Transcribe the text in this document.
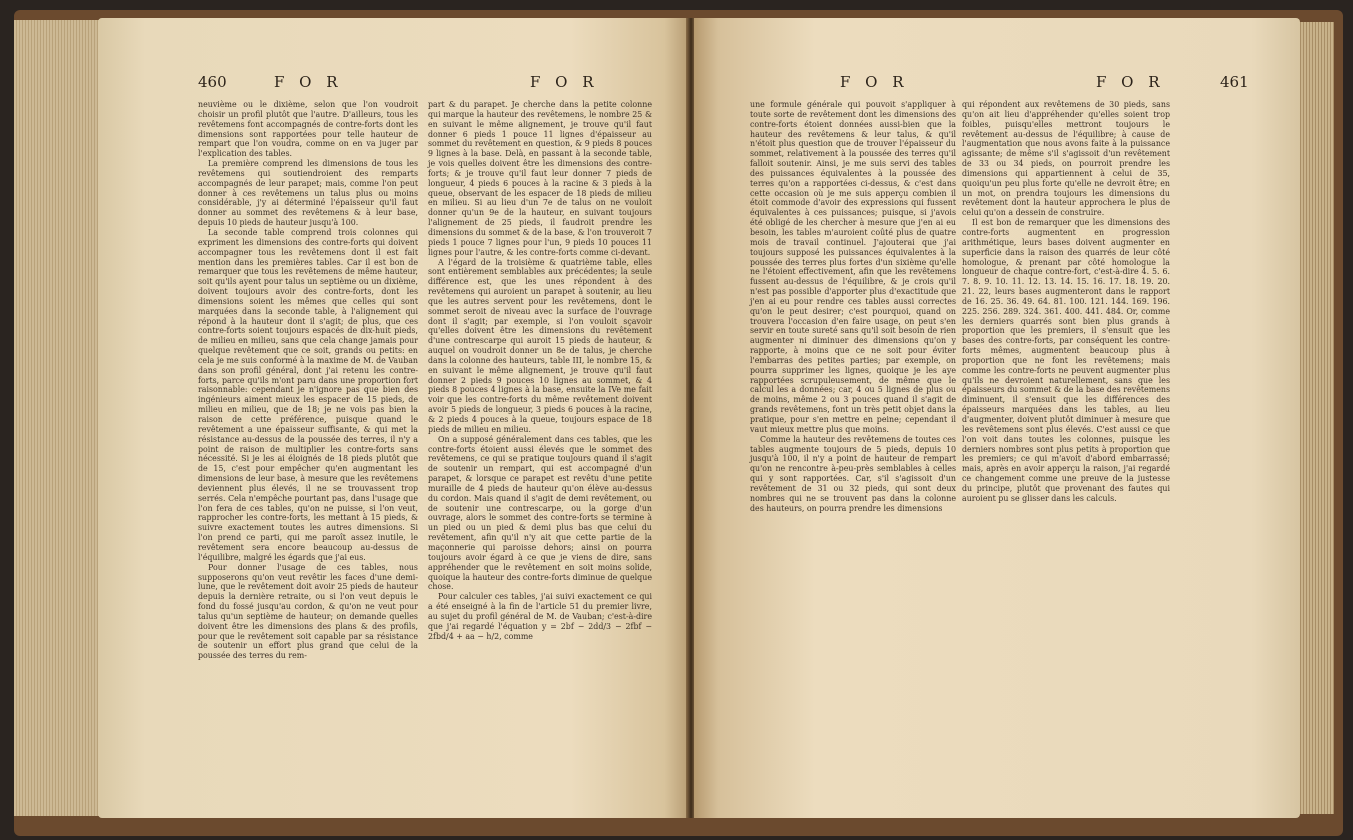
460	F O R	F O R

neuvième ou le dixième, selon que l'on voudroit choisir un profil plutôt que l'autre. D'ailleurs, tous les revêtemens font accompagnés de contre-forts dont les dimensions sont rapportées pour telle hauteur de rempart que l'on voudra, comme on en va juger par l'explication des tables.

La première comprend les dimensions de tous les revêtemens qui soutiendroient des remparts accompagnés de leur parapet; mais, comme l'on peut donner à ces revêtemens un talus plus ou moins considérable, j'y ai déterminé l'épaisseur qu'il faut donner au sommet des revêtemens & à leur base, depuis 10 pieds de hauteur jusqu'à 100.

La seconde table comprend trois colonnes qui expriment les dimensions des contre-forts qui doivent accompagner tous les revêtemens dont il est fait mention dans les premières tables. Car il est bon de remarquer que tous les revêtemens de même hauteur, soit qu'ils ayent pour talus un septième ou un dixième, doivent toujours avoir des contre-forts, dont les dimensions soient les mêmes que celles qui sont marquées dans la seconde table, à l'alignement qui répond à la hauteur dont il s'agit; de plus, que ces contre-forts soient toujours espacés de dix-huit pieds, de milieu en milieu, sans que cela change jamais pour quelque revêtement que ce soit, grands ou petits: en cela je me suis conformé à la maxime de M. de Vauban dans son profil général, dont j'ai retenu les contre-forts, parce qu'ils m'ont paru dans une proportion fort raisonnable: cependant je n'ignore pas que bien des ingénieurs aiment mieux les espacer de 15 pieds, de milieu en milieu, que de 18; je ne vois pas bien la raison de cette préférence, puisque quand le revêtement a une épaisseur suffisante, & qui met la résistance au-dessus de la poussée des terres, il n'y a point de raison de multiplier les contre-forts sans nécessité. Si je les ai éloignés de 18 pieds plutôt que de 15, c'est pour empêcher qu'en augmentant les dimensions de leur base, à mesure que les revêtemens deviennent plus élevés, il ne se trouvassent trop serrés. Cela n'empêche pourtant pas, dans l'usage que l'on fera de ces tables, qu'on ne puisse, si l'on veut, rapprocher les contre-forts, les mettant à 15 pieds, & suivre exactement toutes les autres dimensions. Si l'on prend ce parti, qui me paroît assez inutile, le revêtement sera encore beaucoup au-dessus de l'équilibre, malgré les égards que j'ai eus.

Pour donner l'usage de ces tables, nous supposerons qu'on veut revêtir les faces d'une demi-lune, que le revêtement doit avoir 25 pieds de hauteur depuis la dernière retraite, ou si l'on veut depuis le fond du fossé jusqu'au cordon, & qu'on ne veut pour talus qu'un septième de hauteur; on demande quelles doivent être les dimensions des plans & des profils, pour que le revêtement soit capable par sa résistance de soutenir un effort plus grand que celui de la poussée des terres du rem-

part & du parapet. Je cherche dans la petite colonne qui marque la hauteur des revêtemens, le nombre 25 & en suivant le même alignement, je trouve qu'il faut donner 6 pieds 1 pouce 11 lignes d'épaisseur au sommet du revêtement en question, & 9 pieds 8 pouces 9 lignes à la base. Delà, en passant à la seconde table, je vois quelles doivent être les dimensions des contre-forts; & je trouve qu'il faut leur donner 7 pieds de longueur, 4 pieds 6 pouces à la racine & 3 pieds à la queue, observant de les espacer de 18 pieds de milieu en milieu. Si au lieu d'un 7e de talus on ne vouloit donner qu'un 9e de la hauteur, en suivant toujours l'alignement de 25 pieds, il faudroit prendre les dimensions du sommet & de la base, & l'on trouveroit 7 pieds 1 pouce 7 lignes pour l'un, 9 pieds 10 pouces 11 lignes pour l'autre, & les contre-forts comme ci-devant.

A l'égard de la troisième & quatrième table, elles sont entièrement semblables aux précédentes; la seule différence est, que les unes répondent à des revêtemens qui auroient un parapet à soutenir, au lieu que les autres servent pour les revêtemens, dont le sommet seroit de niveau avec la surface de l'ouvrage dont il s'agit; par exemple, si l'on vouloit sçavoir qu'elles doivent être les dimensions du revêtement d'une contrescarpe qui auroit 15 pieds de hauteur, & auquel on voudroit donner un 8e de talus, je cherche dans la colonne des hauteurs, table III, le nombre 15, & en suivant le même alignement, je trouve qu'il faut donner 2 pieds 9 pouces 10 lignes au sommet, & 4 pieds 8 pouces 4 lignes à la base, ensuite la IVe me fait voir que les contre-forts du même revêtement doivent avoir 5 pieds de longueur, 3 pieds 6 pouces à la racine, & 2 pieds 4 pouces à la queue, toujours espace de 18 pieds de milieu en milieu.

On a supposé généralement dans ces tables, que les contre-forts étoient aussi élevés que le sommet des revêtemens, ce qui se pratique toujours quand il s'agit de soutenir un rempart, qui est accompagné d'un parapet, & lorsque ce parapet est revêtu d'une petite muraille de 4 pieds de hauteur qu'on élève au-dessus du cordon. Mais quand il s'agit de demi revêtement, ou de soutenir une contrescarpe, ou la gorge d'un ouvrage, alors le sommet des contre-forts se termine à un pied ou un pied & demi plus bas que celui du revêtement, afin qu'il n'y ait que cette partie de la maçonnerie qui paroisse dehors; ainsi on pourra toujours avoir égard à ce que je viens de dire, sans appréhender que le revêtement en soit moins solide, quoique la hauteur des contre-forts diminue de quelque chose.

Pour calculer ces tables, j'ai suivi exactement ce qui a été enseigné à la fin de l'article 51 du premier livre, au sujet du profil général de M. de Vauban; c'est-à-dire que j'ai regardé l'équation y = 2bf − 2dd/3 − 2fbf − 2fbd/4 + aa − h/2, comme

F O R	F O R	461

une formule générale qui pouvoit s'appliquer à toute sorte de revêtement dont les dimensions des contre-forts étoient données aussi-bien que la hauteur des revêtemens & leur talus, & qu'il n'étoit plus question que de trouver l'épaisseur du sommet, relativement à la poussée des terres qu'il falloit soutenir. Ainsi, je me suis servi des tables des puissances équivalentes à la poussée des terres qu'on a rapportées ci-dessus, & c'est dans cette occasion où je me suis apperçu combien il étoit commode d'avoir des expressions qui fussent équivalentes à ces puissances; puisque, si j'avois été obligé de les chercher à mesure que j'en ai eu besoin, les tables m'auroient coûté plus de quatre mois de travail continuel. J'ajouterai que j'ai toujours supposé les puissances équivalentes à la poussée des terres plus fortes d'un sixième qu'elle ne l'étoient effectivement, afin que les revêtemens fussent au-dessus de l'équilibre, & je crois qu'il n'est pas possible d'apporter plus d'exactitude que j'en ai eu pour rendre ces tables aussi correctes qu'on le peut desirer; c'est pourquoi, quand on trouvera l'occasion d'en faire usage, on peut s'en servir en toute sureté sans qu'il soit besoin de rien augmenter ni diminuer des dimensions qu'on y rapporte, à moins que ce ne soit pour éviter l'embarras des petites parties; par exemple, on pourra supprimer les lignes, quoique je les aye rapportées scrupuleusement, de même que le calcul les a données; car, 4 ou 5 lignes de plus ou de moins, même 2 ou 3 pouces quand il s'agit de grands revêtemens, font un très petit objet dans la pratique, pour s'en mettre en peine; cependant il vaut mieux mettre plus que moins.

Comme la hauteur des revêtemens de toutes ces tables augmente toujours de 5 pieds, depuis 10 jusqu'à 100, il n'y a point de hauteur de rempart qu'on ne rencontre à-peu-près semblables à celles qui y sont rapportées. Car, s'il s'agissoit d'un revêtement de 31 ou 32 pieds, qui sont deux nombres qui ne se trouvent pas dans la colonne des hauteurs, on pourra prendre les dimensions

qui répondent aux revêtemens de 30 pieds, sans qu'on ait lieu d'appréhender qu'elles soient trop foibles, puisqu'elles mettront toujours le revêtement au-dessus de l'équilibre; à cause de l'augmentation que nous avons faite à la puissance agissante; de même s'il s'agissoit d'un revêtement de 33 ou 34 pieds, on pourroit prendre les dimensions qui appartiennent à celui de 35, quoiqu'un peu plus forte qu'elle ne devroit être; en un mot, on prendra toujours les dimensions du revêtement dont la hauteur approchera le plus de celui qu'on a dessein de construire.

Il est bon de remarquer que les dimensions des contre-forts augmentent en progression arithmétique, leurs bases doivent augmenter en superficie dans la raison des quarrés de leur côté homologue, & prenant par côté homologue la longueur de chaque contre-fort, c'est-à-dire 4. 5. 6. 7. 8. 9. 10. 11. 12. 13. 14. 15. 16. 17. 18. 19. 20. 21. 22, leurs bases augmenteront dans le rapport de 16. 25. 36. 49. 64. 81. 100. 121. 144. 169. 196. 225. 256. 289. 324. 361. 400. 441. 484. Or, comme les derniers quarrés sont bien plus grands à proportion que les premiers, il s'ensuit que les bases des contre-forts, par conséquent les contre-forts mêmes, augmentent beaucoup plus à proportion que ne font les revêtemens; mais comme les contre-forts ne peuvent augmenter plus qu'ils ne devroient naturellement, sans que les épaisseurs du sommet & de la base des revêtemens diminuent, il s'ensuit que les différences des épaisseurs marquées dans les tables, au lieu d'augmenter, doivent plutôt diminuer à mesure que les revêtemens sont plus élevés. C'est aussi ce que l'on voit dans toutes les colonnes, puisque les derniers nombres sont plus petits à proportion que les premiers; ce qui m'avoit d'abord embarrassé; mais, après en avoir apperçu la raison, j'ai regardé ce changement comme une preuve de la justesse du principe, plutôt que provenant des fautes qui auroient pu se glisser dans les calculs.
